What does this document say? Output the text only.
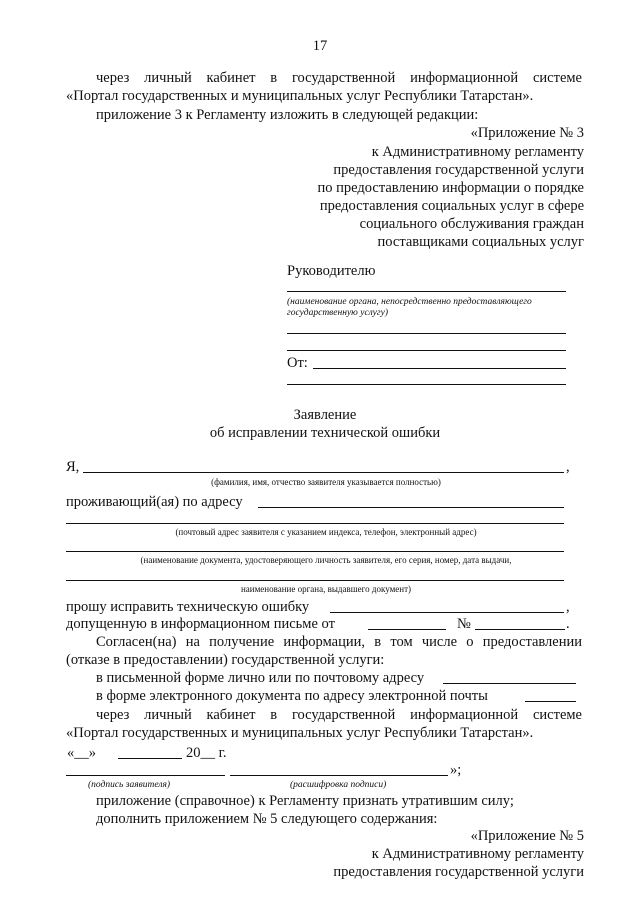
17
через личный кабинет в государственной информационной системе
«Портал государственных и муниципальных услуг Республики Татарстан».
приложение 3 к Регламенту изложить в следующей редакции:
«Приложение № 3
к Административному регламенту
предоставления государственной услуги
по предоставлению информации о порядке
предоставления социальных услуг в сфере
социального обслуживания граждан
поставщиками социальных услуг
Руководителю
(наименование органа, непосредственно предоставляющего
государственную услугу)
От:
Заявление
об исправлении технической ошибки
Я,	,
(фамилия, имя, отчество заявителя указывается полностью)
проживающий(ая) по адресу
(почтовый адрес заявителя с указанием индекса, телефон, электронный адрес)
(наименование документа, удостоверяющего личность заявителя, его серия, номер, дата выдачи,
наименование органа, выдавшего документ)
прошу исправить техническую ошибку	,
допущенную в информационном письме от	№	.
Согласен(на) на получение информации, в том числе о предоставлении
(отказе в предоставлении) государственной услуги:
в письменной форме лично или по почтовому адресу
в форме электронного документа по адресу электронной почты
через личный кабинет в государственной информационной системе
«Портал государственных и муниципальных услуг Республики Татарстан».
«__»	20__ г.
»;
(подпись заявителя)	(расшифровка подписи)
приложение (справочное) к Регламенту признать утратившим силу;
дополнить приложением № 5 следующего содержания:
«Приложение № 5
к Административному регламенту
предоставления государственной услуги
